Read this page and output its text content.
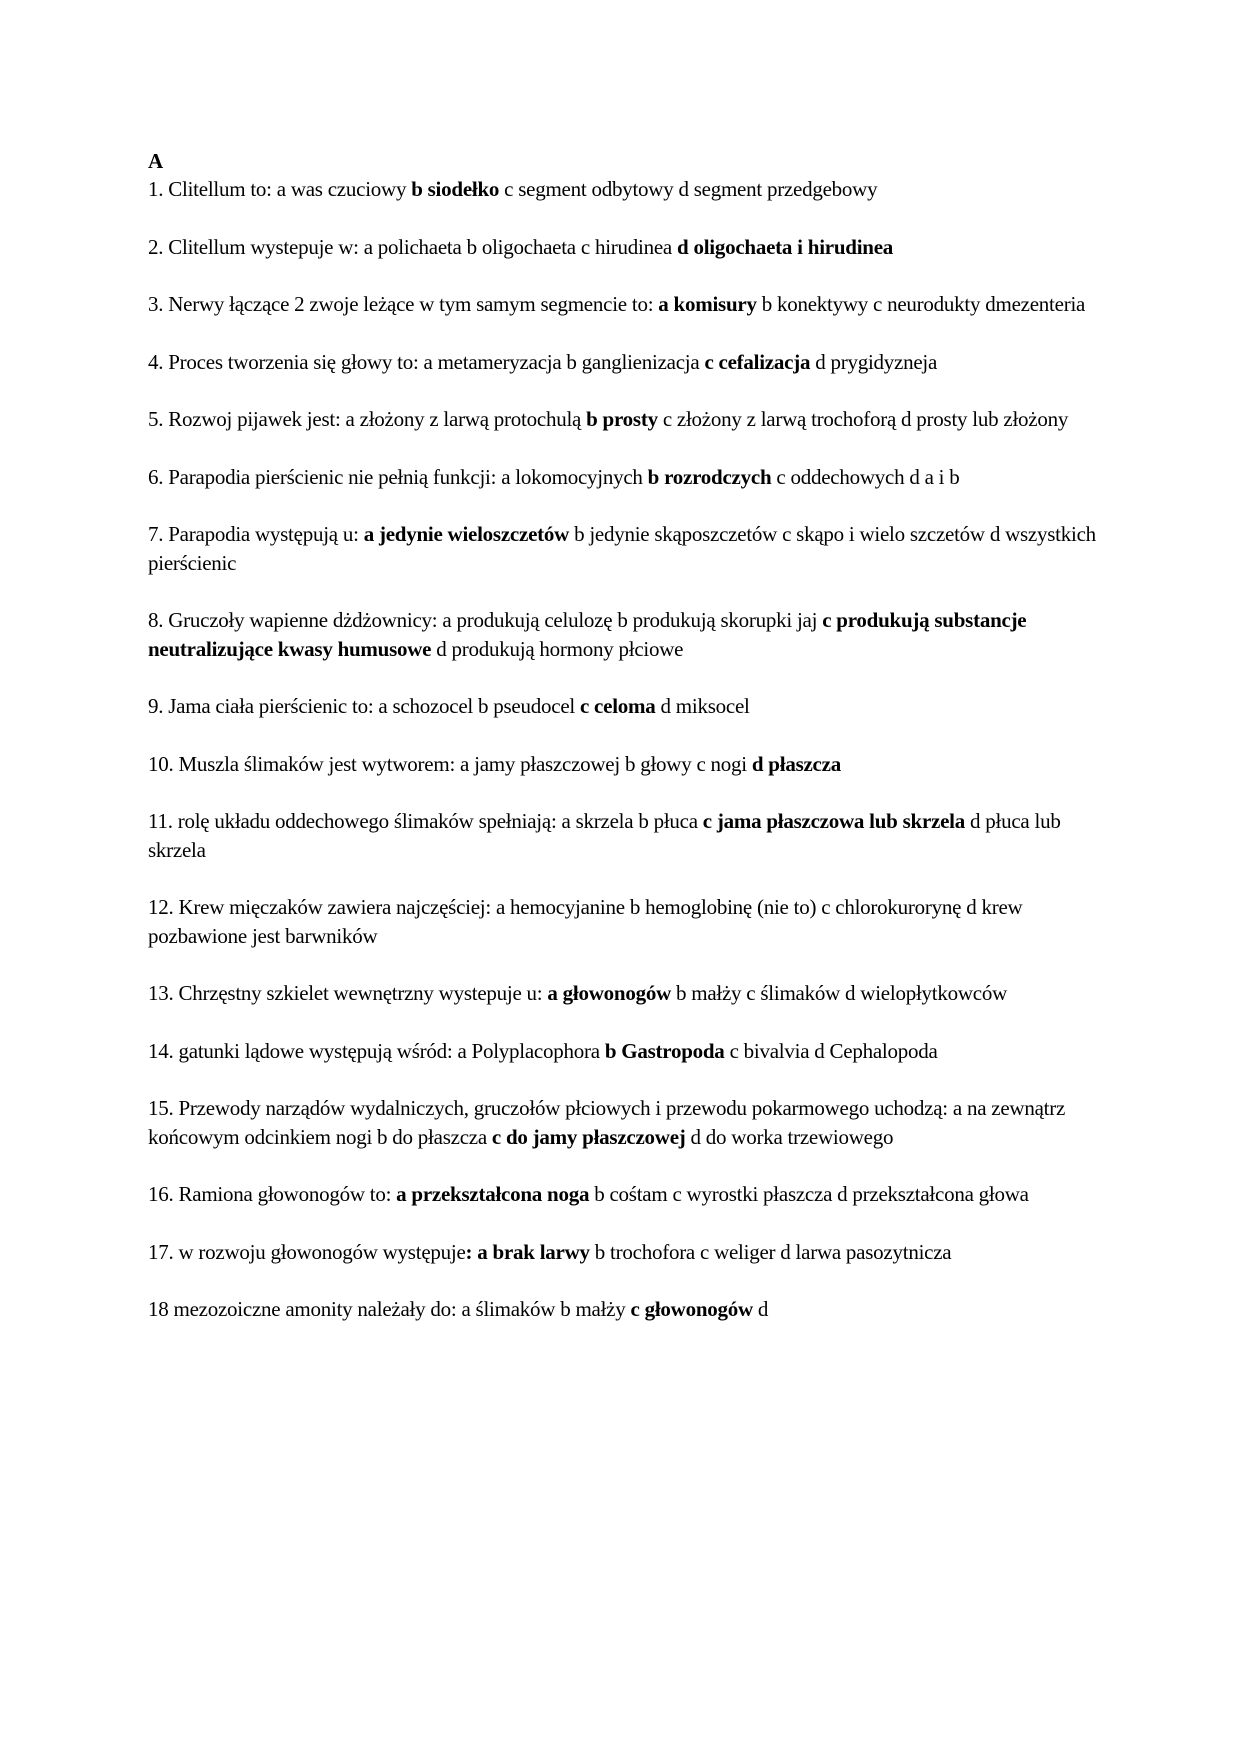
A

1. Clitellum to: a was czuciowy b siodełko c segment odbytowy d segment przedgebowy

2. Clitellum wystepuje w: a polichaeta b oligochaeta c hirudinea d oligochaeta i hirudinea

3. Nerwy łączące 2 zwoje leżące w tym samym segmencie to: a komisury b konektywy c neurodukty dmezenteria

4. Proces tworzenia się głowy to: a metameryzacja b ganglienizacja c cefalizacja d prygidyzneja

5. Rozwoj pijawek jest: a złożony z larwą protochulą b prosty c złożony z larwą trochoforą d prosty lub złożony

6. Parapodia pierścienic nie pełnią funkcji: a lokomocyjnych b rozrodczych c oddechowych d a i b

7. Parapodia występują u: a jedynie wieloszczetów b jedynie skąposzczetów c skąpo i wielo szczetów d wszystkich pierścienic

8. Gruczoły wapienne dżdżownicy: a produkują celulozę b produkują skorupki jaj c produkują substancje neutralizujące kwasy humusowe d produkują hormony płciowe

9. Jama ciała pierścienic to: a schozocel b pseudocel c celoma d miksocel

10. Muszla ślimaków jest wytworem: a jamy płaszczowej b głowy c nogi d płaszcza

11. rolę układu oddechowego ślimaków spełniają: a skrzela b płuca c jama płaszczowa lub skrzela d płuca lub skrzela

12. Krew mięczaków zawiera najczęściej: a hemocyjanine b hemoglobinę (nie to) c chlorokurorynę d krew pozbawione jest barwników

13. Chrzęstny szkielet wewnętrzny wystepuje u: a głowonogów b małży c ślimaków d wielopłytkowców

14. gatunki lądowe występują wśród: a Polyplacophora b Gastropoda c bivalvia d Cephalopoda

15. Przewody narządów wydalniczych, gruczołów płciowych i przewodu pokarmowego uchodzą: a na zewnątrz końcowym odcinkiem nogi b do płaszcza c do jamy płaszczowej d do worka trzewiowego

16. Ramiona głowonogów to: a przekształcona noga b cośtam c wyrostki płaszcza d przekształcona głowa

17. w rozwoju głowonogów występuje: a brak larwy b trochofora c weliger d larwa pasozytnicza

18 mezozoiczne amonity należały do: a ślimaków b małży c głowonogów d
